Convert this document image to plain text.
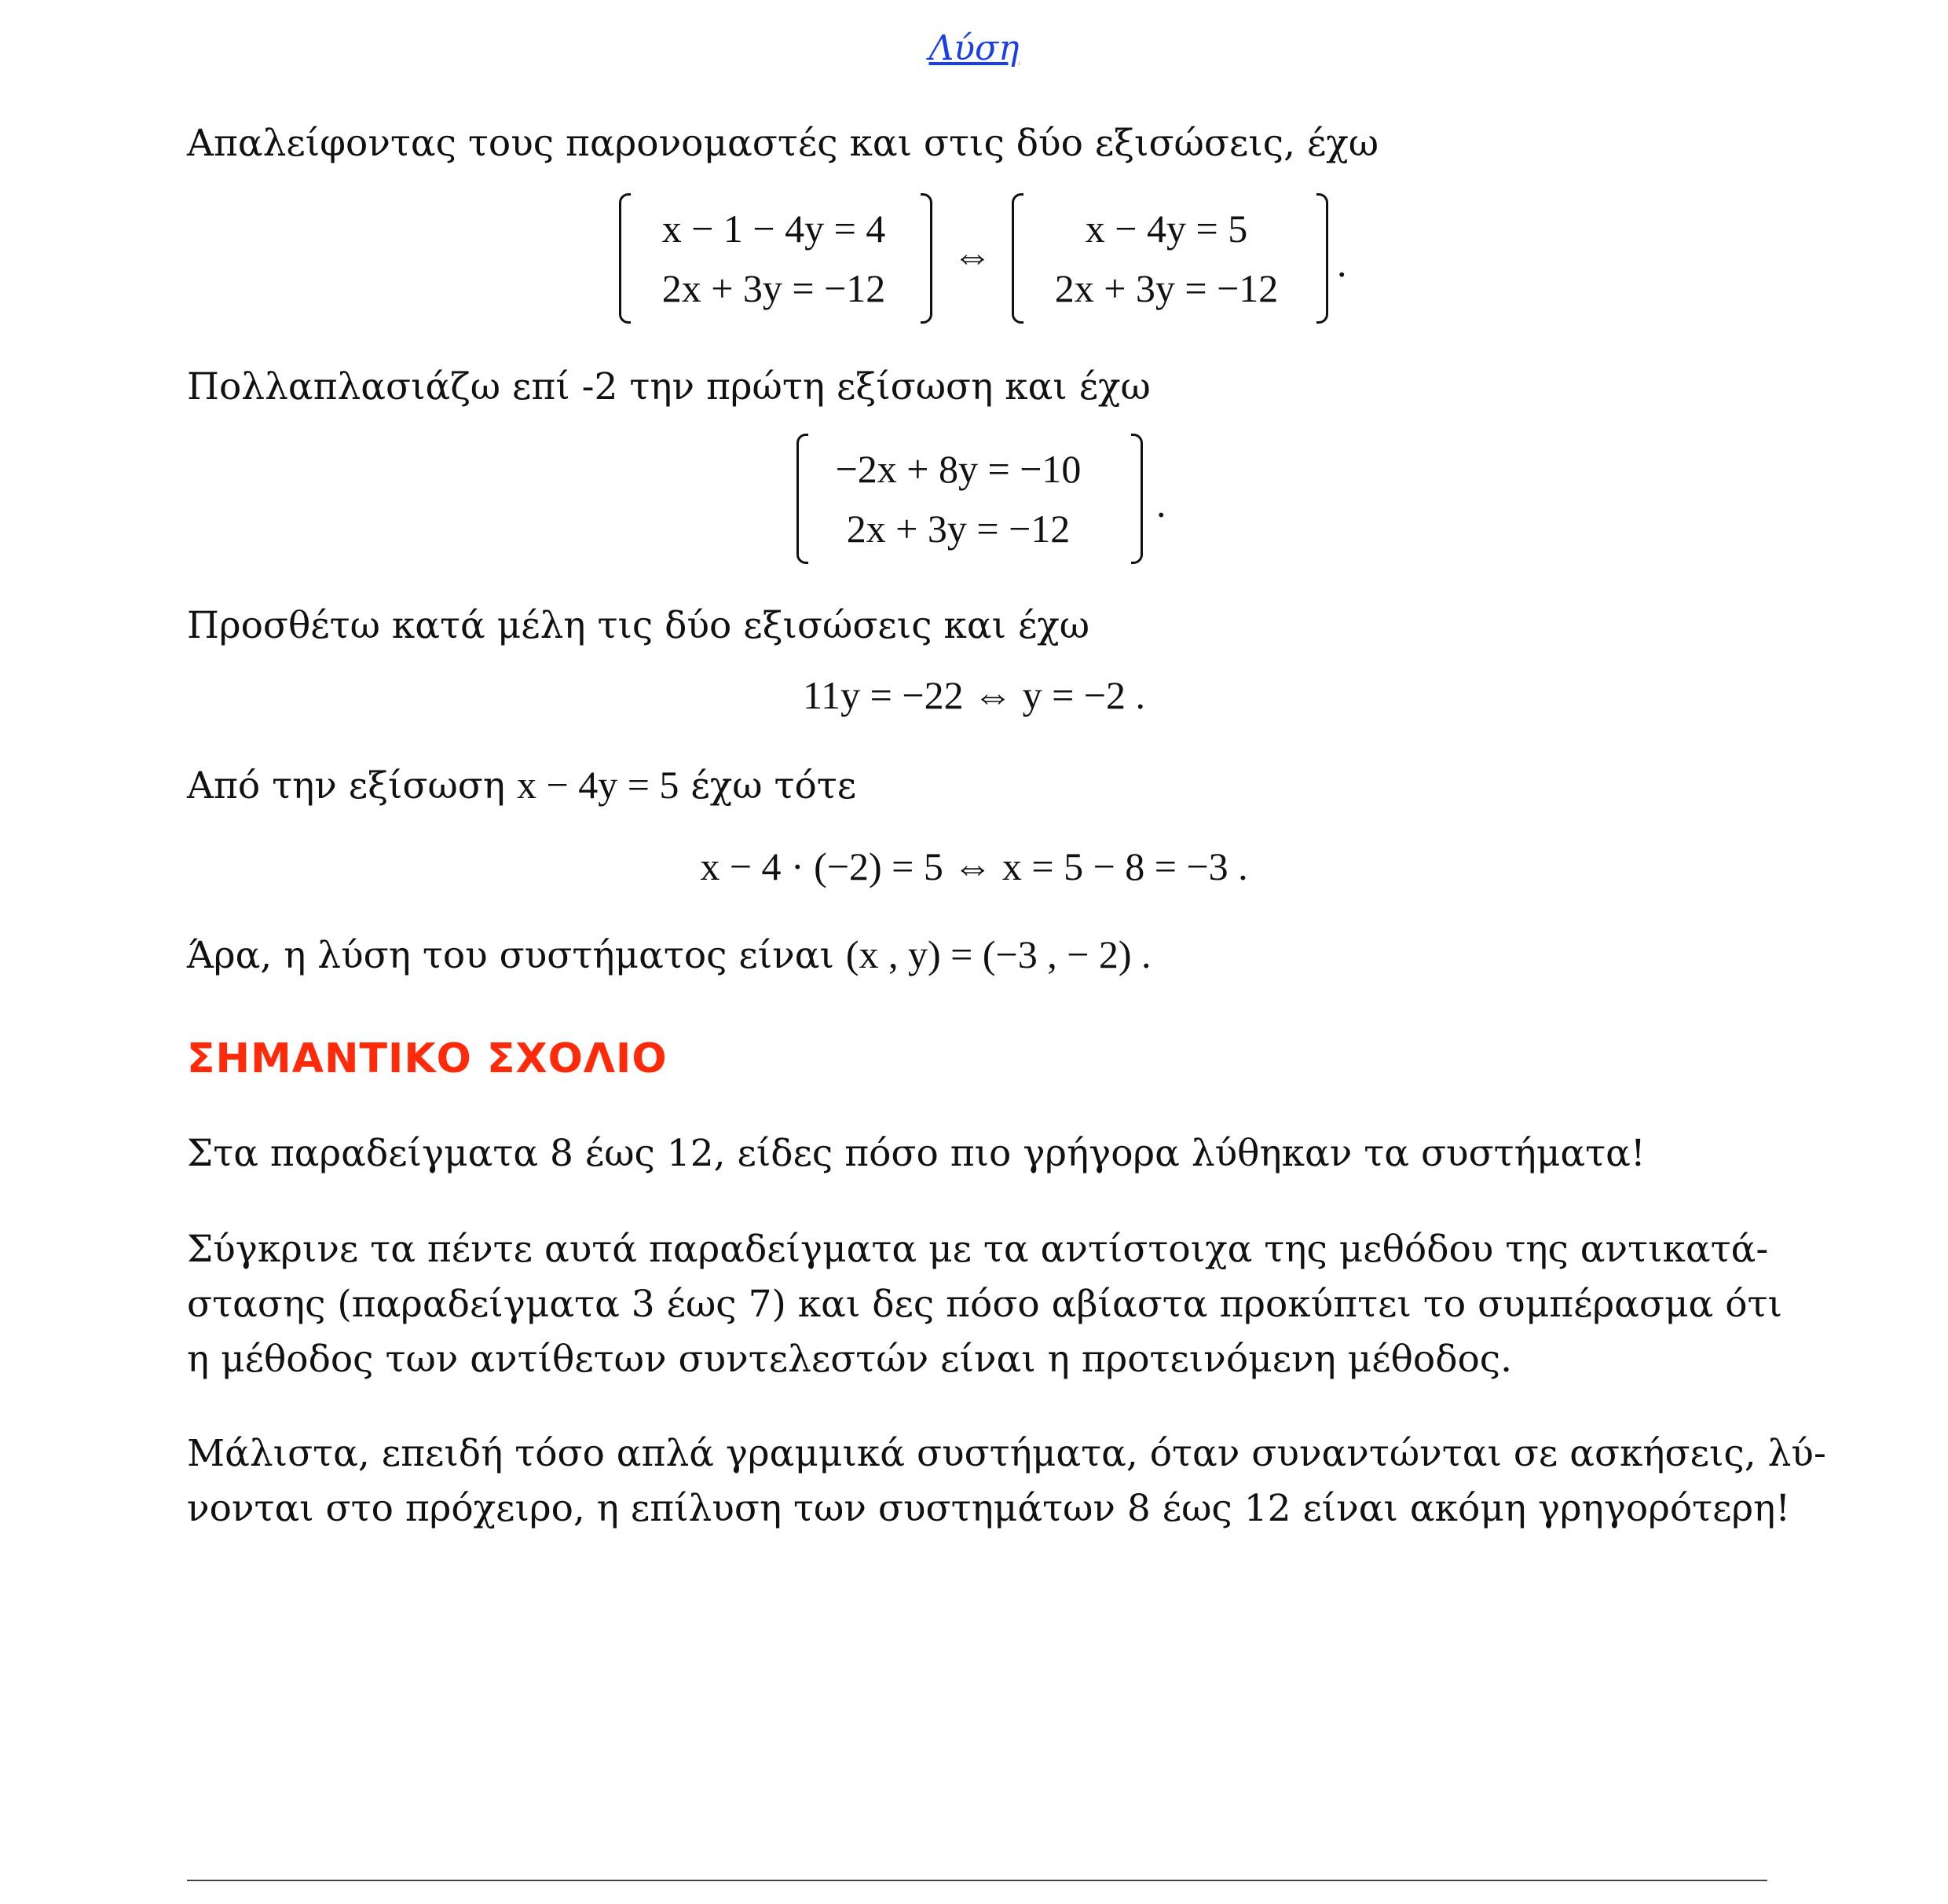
Λύση
Απαλείφοντας τους παρονομαστές και στις δύο εξισώσεις, έχω
x − 1 − 4y = 4
2x + 3y = −12
⇔
x − 4y = 5
2x + 3y = −12
.
Πολλαπλασιάζω επί -2 την πρώτη εξίσωση και έχω
−2x + 8y = −10
2x + 3y = −12
.
Προσθέτω κατά μέλη τις δύο εξισώσεις και έχω
11y = −22 ⇔ y = −2 .
Από την εξίσωση x − 4y = 5 έχω τότε
x − 4 · (−2) = 5 ⇔ x = 5 − 8 = −3 .
Άρα, η λύση του συστήματος είναι (x , y) = (−3 , − 2) .
ΣΗΜΑΝΤΙΚΟ ΣΧΟΛΙΟ
Στα παραδείγματα 8 έως 12, είδες πόσο πιο γρήγορα λύθηκαν τα συστήματα!
Σύγκρινε τα πέντε αυτά παραδείγματα με τα αντίστοιχα της μεθόδου της αντικατά-
στασης (παραδείγματα 3 έως 7) και δες πόσο αβίαστα προκύπτει το συμπέρασμα ότι
η μέθοδος των αντίθετων συντελεστών είναι η προτεινόμενη μέθοδος.
Μάλιστα, επειδή τόσο απλά γραμμικά συστήματα, όταν συναντώνται σε ασκήσεις, λύ-
νονται στο πρόχειρο, η επίλυση των συστημάτων 8 έως 12 είναι ακόμη γρηγορότερη!
